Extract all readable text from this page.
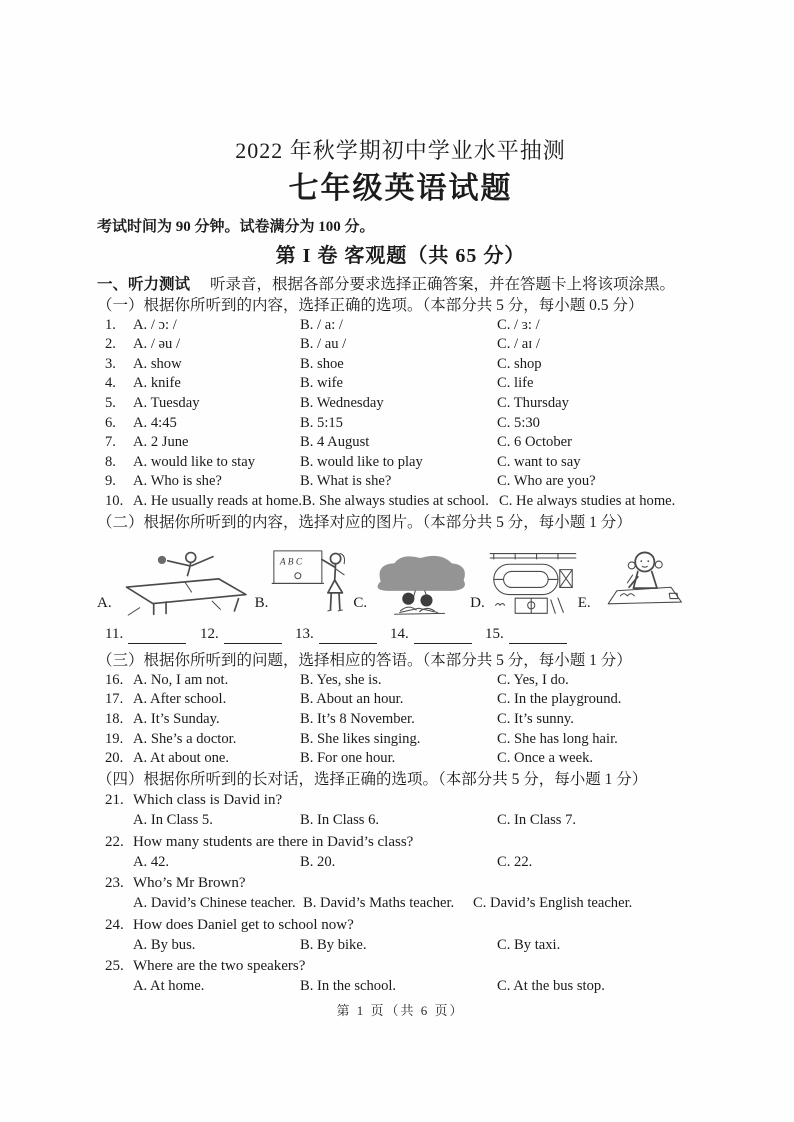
2022 年秋学期初中学业水平抽测
七年级英语试题
考试时间为 90 分钟。试卷满分为 100 分。
第 I 卷 客观题（共 65 分）
一、听力测试 听录音，根据各部分要求选择正确答案，并在答题卡上将该项涂黑。
（一）根据你所听到的内容，选择正确的选项。（本部分共 5 分，每小题 0.5 分）
1.	A. / ɔ: /	B. / a: /	C. / ɜ: /
2.	A. / əu /	B. / au /	C. / aɪ /
3.	A. show	B. shoe	C. shop
4.	A. knife	B. wife	C. life
5.	A. Tuesday	B. Wednesday	C. Thursday
6.	A. 4:45	B. 5:15	C. 5:30
7.	A. 2 June	B. 4 August	C. 6 October
8.	A. would like to stay	B. would like to play	C. want to say
9.	A. Who is she?	B. What is she?	C. Who are you?
10. A. He usually reads at home. B. She always studies at school. C. He always studies at home.
（二）根据你所听到的内容，选择对应的图片。（本部分共 5 分，每小题 1 分）
A.	B.
A B C
C.	D.	E.
11.	12.	13.	14.	15.
（三）根据你所听到的问题，选择相应的答语。（本部分共 5 分，每小题 1 分）
16. A. No, I am not.	B. Yes, she is.	C. Yes, I do.
17. A. After school.	B. About an hour.	C. In the playground.
18. A. It’s Sunday.	B. It’s 8 November.	C. It’s sunny.
19. A. She’s a doctor.	B. She likes singing.	C. She has long hair.
20. A. At about one.	B. For one hour.	C. Once a week.
（四）根据你所听到的长对话，选择正确的选项。（本部分共 5 分，每小题 1 分）
21. Which class is David in?
A. In Class 5.	B. In Class 6.	C. In Class 7.
22. How many students are there in David’s class?
A. 42.	B. 20.	C. 22.
23. Who’s Mr Brown?
A. David’s Chinese teacher. B. David’s Maths teacher.	C. David’s English teacher.
24. How does Daniel get to school now?
A. By bus.	B. By bike.	C. By taxi.
25. Where are the two speakers?
A. At home.	B. In the school.	C. At the bus stop.
第 1 页（共 6 页）
